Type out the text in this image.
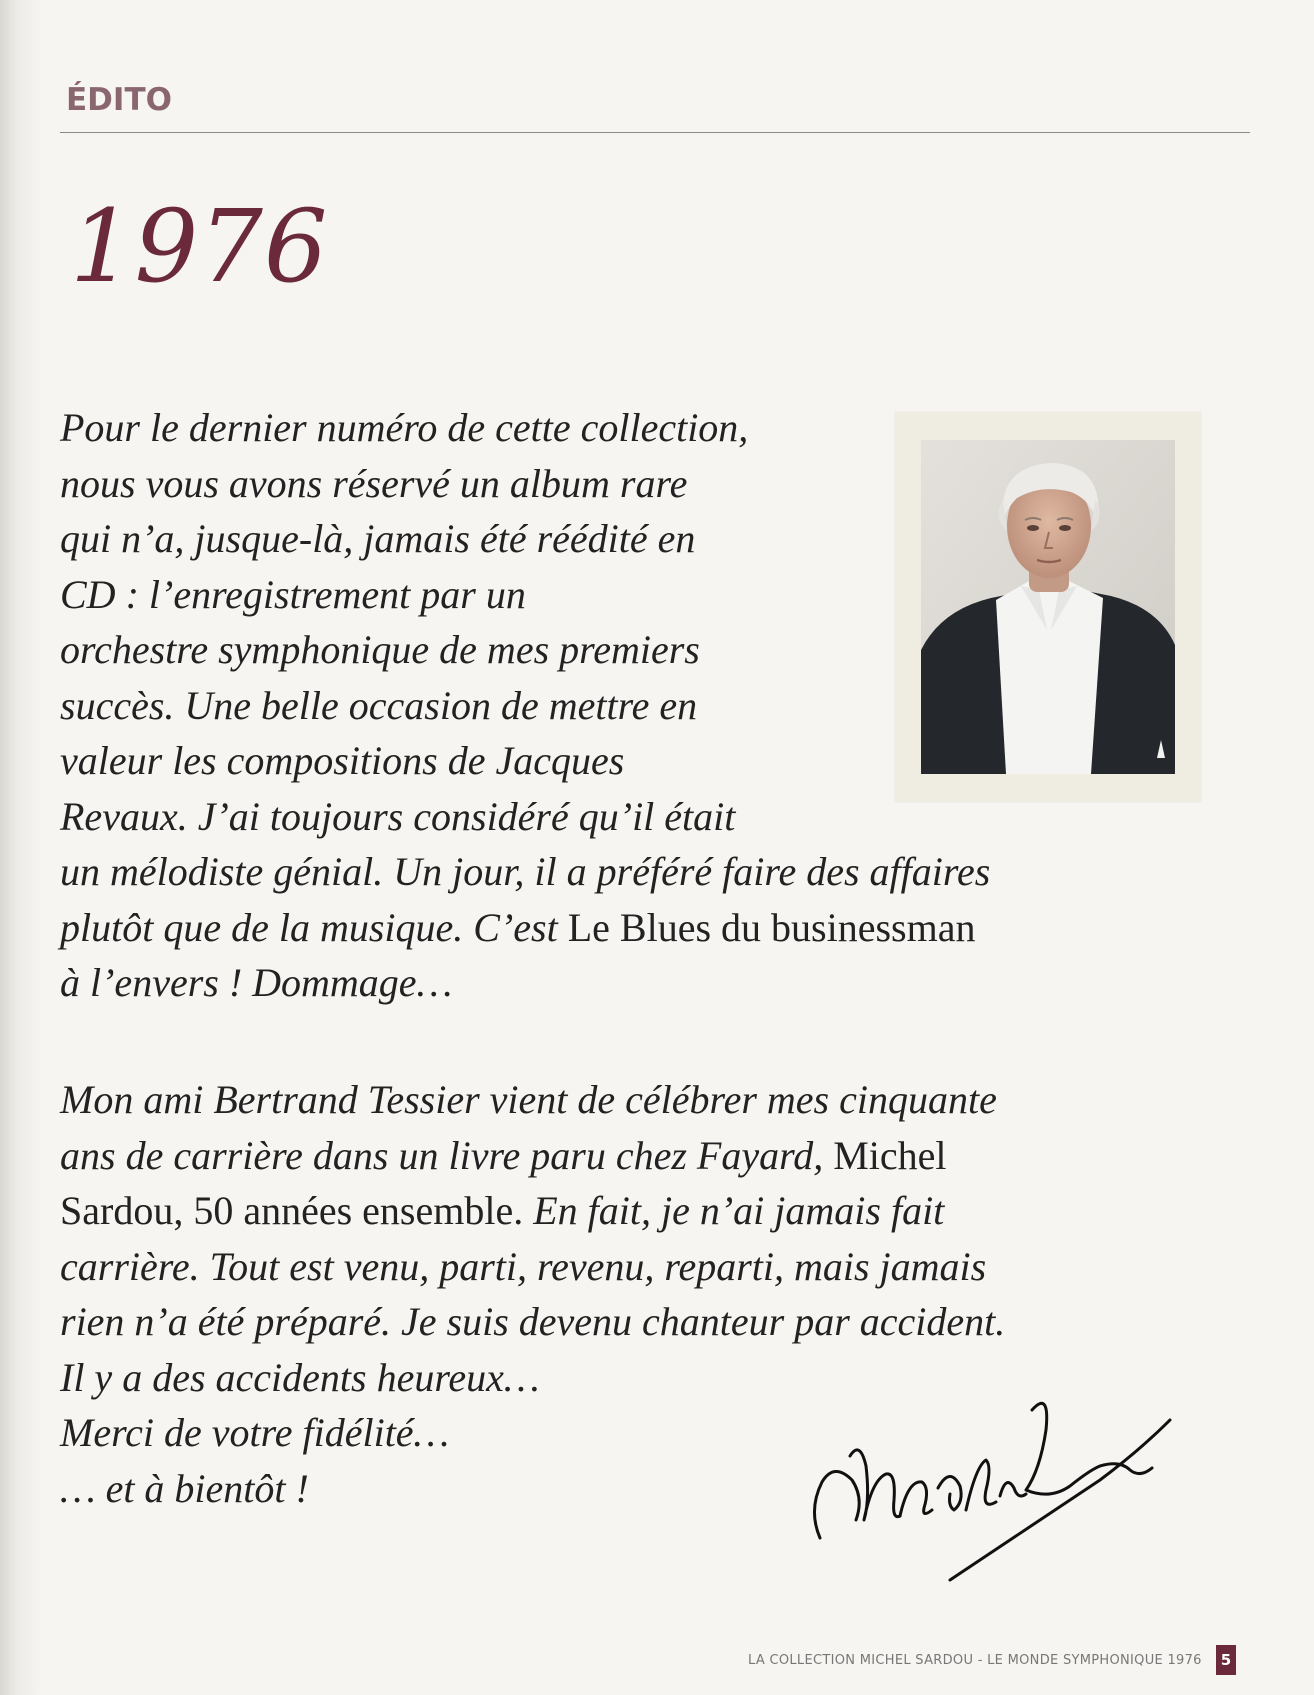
ÉDITO
1976
Pour le dernier numéro de cette collection,
nous vous avons réservé un album rare
qui n’a, jusque-là, jamais été réédité en
CD : l’enregistrement par un
orchestre symphonique de mes premiers
succès. Une belle occasion de mettre en
valeur les compositions de Jacques
Revaux. J’ai toujours considéré qu’il était
un mélodiste génial. Un jour, il a préféré faire des affaires
plutôt que de la musique. C’est Le Blues du businessman
à l’envers ! Dommage…
Mon ami Bertrand Tessier vient de célébrer mes cinquante
ans de carrière dans un livre paru chez Fayard, Michel
Sardou, 50 années ensemble. En fait, je n’ai jamais fait
carrière. Tout est venu, parti, revenu, reparti, mais jamais
rien n’a été préparé. Je suis devenu chanteur par accident.
Il y a des accidents heureux…
Merci de votre fidélité…
… et à bientôt !
LA COLLECTION MICHEL SARDOU - LE MONDE SYMPHONIQUE 1976	5
